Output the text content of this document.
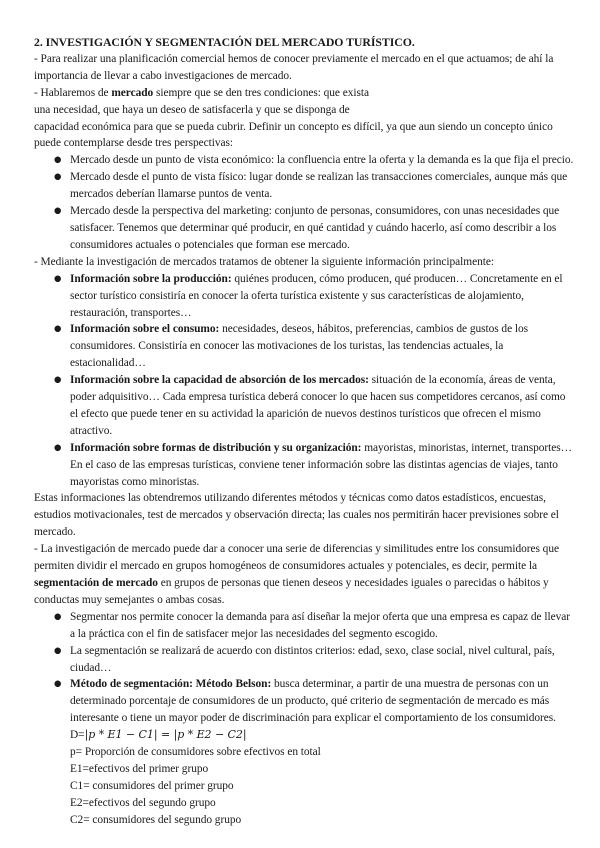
2. INVESTIGACIÓN Y SEGMENTACIÓN DEL MERCADO TURÍSTICO.

- Para realizar una planificación comercial hemos de conocer previamente el mercado en el que actuamos; de ahí la importancia de llevar a cabo investigaciones de mercado.

- Hablaremos de mercado siempre que se den tres condiciones: que exista
una necesidad, que haya un deseo de satisfacerla y que se disponga de
capacidad económica para que se pueda cubrir. Definir un concepto es difícil, ya que aun siendo un concepto único puede contemplarse desde tres perspectivas:

● Mercado desde un punto de vista económico: la confluencia entre la oferta y la demanda es la que fija el precio.

● Mercado desde el punto de vista físico: lugar donde se realizan las transacciones comerciales, aunque más que mercados deberían llamarse puntos de venta.

● Mercado desde la perspectiva del marketing: conjunto de personas, consumidores, con unas necesidades que satisfacer. Tenemos que determinar qué producir, en qué cantidad y cuándo hacerlo, así como describir a los consumidores actuales o potenciales que forman ese mercado.

- Mediante la investigación de mercados tratamos de obtener la siguiente información principalmente:

● Información sobre la producción: quiénes producen, cómo producen, qué producen… Concretamente en el sector turístico consistiría en conocer la oferta turística existente y sus características de alojamiento, restauración, transportes…

● Información sobre el consumo: necesidades, deseos, hábitos, preferencias, cambios de gustos de los consumidores. Consistiría en conocer las motivaciones de los turistas, las tendencias actuales, la estacionalidad…

● Información sobre la capacidad de absorción de los mercados: situación de la economía, áreas de venta, poder adquisitivo… Cada empresa turística deberá conocer lo que hacen sus competidores cercanos, así como el efecto que puede tener en su actividad la aparición de nuevos destinos turísticos que ofrecen el mismo atractivo.

● Información sobre formas de distribución y su organización: mayoristas, minoristas, internet, transportes… En el caso de las empresas turísticas, conviene tener información sobre las distintas agencias de viajes, tanto mayoristas como minoristas.

Estas informaciones las obtendremos utilizando diferentes métodos y técnicas como datos estadísticos, encuestas, estudios motivacionales, test de mercados y observación directa; las cuales nos permitirán hacer previsiones sobre el mercado.

- La investigación de mercado puede dar a conocer una serie de diferencias y similitudes entre los consumidores que permiten dividir el mercado en grupos homogéneos de consumidores actuales y potenciales, es decir, permite la segmentación de mercado en grupos de personas que tienen deseos y necesidades iguales o parecidas o hábitos y conductas muy semejantes o ambas cosas.

● Segmentar nos permite conocer la demanda para así diseñar la mejor oferta que una empresa es capaz de llevar a la práctica con el fin de satisfacer mejor las necesidades del segmento escogido.

● La segmentación se realizará de acuerdo con distintos criterios: edad, sexo, clase social, nivel cultural, país, ciudad…

● Método de segmentación: Método Belson: busca determinar, a partir de una muestra de personas con un determinado porcentaje de consumidores de un producto, qué criterio de segmentación de mercado es más interesante o tiene un mayor poder de discriminación para explicar el comportamiento de los consumidores.

D=|p * E1 − C1| = |p * E2 − C2|

p= Proporción de consumidores sobre efectivos en total
E1=efectivos del primer grupo
C1= consumidores del primer grupo
E2=efectivos del segundo grupo
C2= consumidores del segundo grupo
